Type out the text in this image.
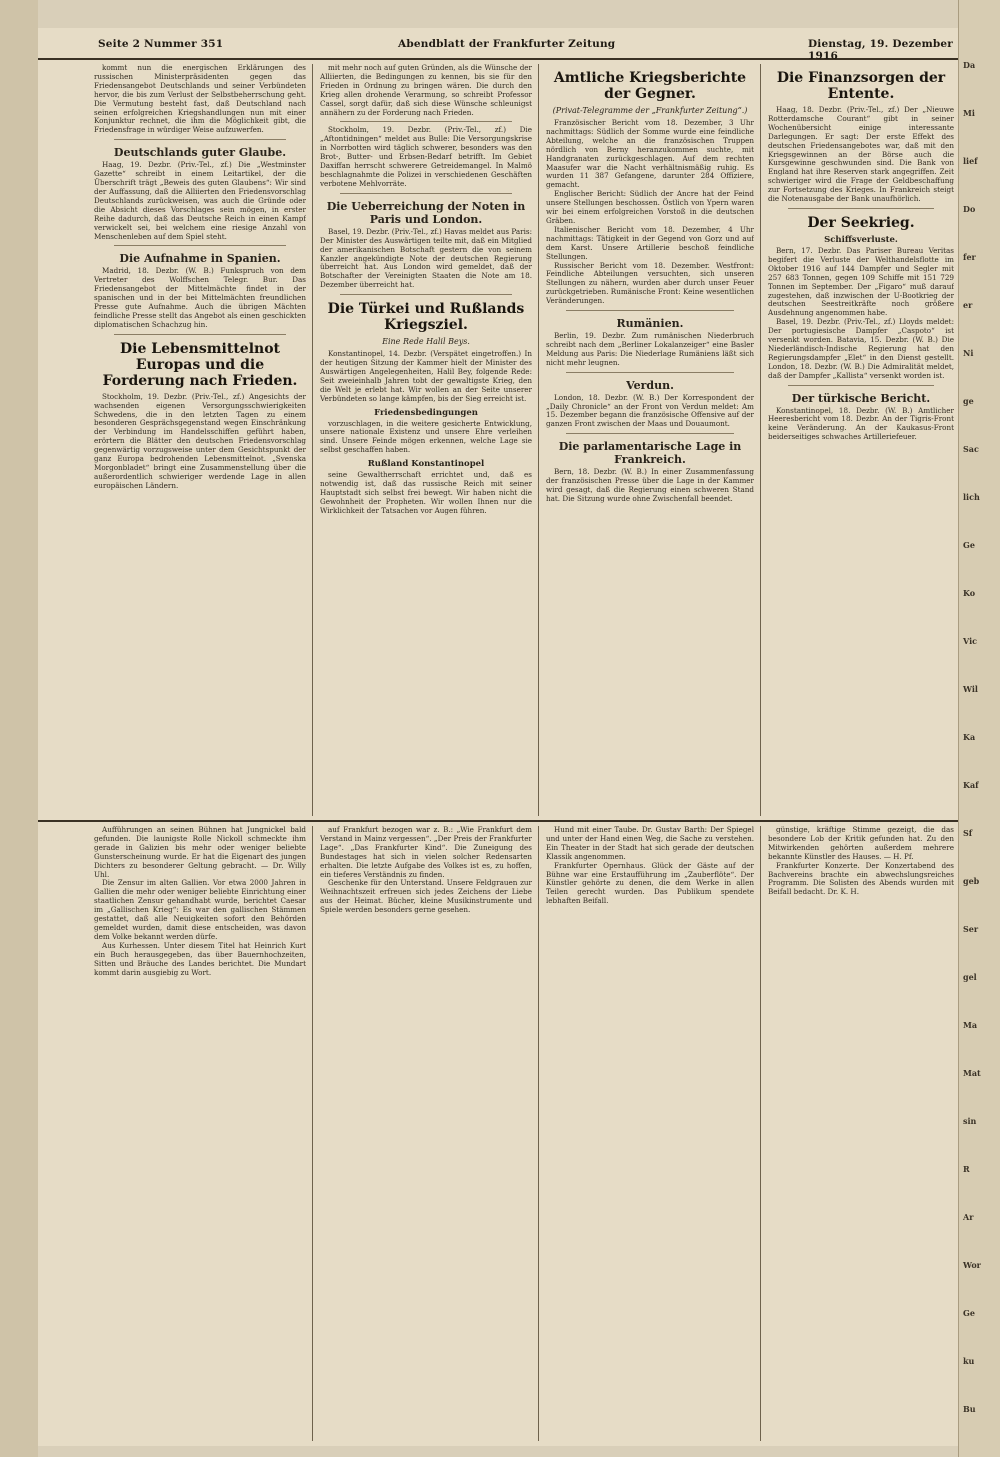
Seite 2 Nummer 351	Abendblatt der Frankfurter Zeitung	Dienstag, 19. Dezember 1916

kommt nun die energischen Erklärungen des russischen Ministerpräsidenten gegen das Friedensangebot Deutschlands und seiner Verbündeten hervor, die bis zum Verlust der Selbstbeherrschung geht. Die Vermutung besteht fast, daß Deutschland nach seinen erfolgreichen Kriegshandlungen nun mit einer Konjunktur rechnet, die ihm die Möglichkeit gibt, die Friedensfrage in würdiger Weise aufzuwerfen.

Deutschlands guter Glaube.

Haag, 19. Dezbr. (Priv.-Tel., zf.) Die „Westminster Gazette“ schreibt in einem Leitartikel, der die Überschrift trägt „Beweis des guten Glaubens“: Wir sind der Auffassung, daß die Alliierten den Friedensvorschlag Deutschlands zurückweisen, was auch die Gründe oder die Absicht dieses Vorschlages sein mögen, in erster Reihe dadurch, daß das Deutsche Reich in einen Kampf verwickelt sei, bei welchem eine riesige Anzahl von Menschenleben auf dem Spiel steht.

Die Aufnahme in Spanien.

Madrid, 18. Dezbr. (W. B.) Funkspruch von dem Vertreter des Wolffschen Telegr. Bur. Das Friedensangebot der Mittelmächte findet in der spanischen und in der bei Mittelmächten freundlichen Presse gute Aufnahme. Auch die übrigen Mächten feindliche Presse stellt das Angebot als einen geschickten diplomatischen Schachzug hin.

Die Lebensmittelnot Europas und die Forderung nach Frieden.

Stockholm, 19. Dezbr. (Priv.-Tel., zf.) Angesichts der wachsenden eigenen Versorgungsschwierigkeiten Schwedens, die in den letzten Tagen zu einem besonderen Gesprächsgegenstand wegen Einschränkung der Verbindung im Handelsschiffen geführt haben, erörtern die Blätter den deutschen Friedensvorschlag gegenwärtig vorzugsweise unter dem Gesichtspunkt der ganz Europa bedrohenden Lebensmittelnot. „Svenska Morgonbladet“ bringt eine Zusammenstellung über die außerordentlich schwieriger werdende Lage in allen europäischen Ländern.

mit mehr noch auf guten Gründen, als die Wünsche der Alliierten, die Bedingungen zu kennen, bis sie für den Frieden in Ordnung zu bringen wären. Die durch den Krieg allen drohende Verarmung, so schreibt Professor Cassel, sorgt dafür, daß sich diese Wünsche schleunigst annähern zu der Forderung nach Frieden.

Stockholm, 19. Dezbr. (Priv.-Tel., zf.) Die „Aftontidningen“ meldet aus Bulle: Die Versorgungskrise in Norrbotten wird täglich schwerer, besonders was den Brot-, Butter- und Erbsen-Bedarf betrifft. Im Gebiet Daxiffan herrscht schwerere Getreidemangel. In Malmö beschlagnahmte die Polizei in verschiedenen Geschäften verbotene Mehlvorräte.

Die Ueberreichung der Noten in Paris und London.

Basel, 19. Dezbr. (Priv.-Tel., zf.) Havas meldet aus Paris: Der Minister des Auswärtigen teilte mit, daß ein Mitglied der amerikanischen Botschaft gestern die von seinem Kanzler angekündigte Note der deutschen Regierung überreicht hat. Aus London wird gemeldet, daß der Botschafter der Vereinigten Staaten die Note am 18. Dezember überreicht hat.

Die Türkei und Rußlands Kriegsziel.
Eine Rede Halil Beys.

Konstantinopel, 14. Dezbr. (Verspätet eingetroffen.) In der heutigen Sitzung der Kammer hielt der Minister des Auswärtigen Angelegenheiten, Halil Bey, folgende Rede: Seit zweieinhalb Jahren tobt der gewaltigste Krieg, den die Welt je erlebt hat. Wir wollen an der Seite unserer Verbündeten so lange kämpfen, bis der Sieg erreicht ist.

Friedensbedingungen

vorzuschlagen, in die weitere gesicherte Entwicklung, unsere nationale Existenz und unsere Ehre verleihen sind. Unsere Feinde mögen erkennen, welche Lage sie selbst geschaffen haben.

Rußland Konstantinopel

seine Gewaltherrschaft errichtet und, daß es notwendig ist, daß das russische Reich mit seiner Hauptstadt sich selbst frei bewegt. Wir haben nicht die Gewohnheit der Propheten. Wir wollen Ihnen nur die Wirklichkeit der Tatsachen vor Augen führen.

Amtliche Kriegsberichte der Gegner.
(Privat-Telegramme der „Frankfurter Zeitung“.)

Französischer Bericht vom 18. Dezember, 3 Uhr nachmittags: Südlich der Somme wurde eine feindliche Abteilung, welche an die französischen Truppen nördlich von Berny heranzukommen suchte, mit Handgranaten zurückgeschlagen. Auf dem rechten Maasufer war die Nacht verhältnismäßig ruhig. Es wurden 11 387 Gefangene, darunter 284 Offiziere, gemacht.

Englischer Bericht: Südlich der Ancre hat der Feind unsere Stellungen beschossen. Östlich von Ypern waren wir bei einem erfolgreichen Vorstoß in die deutschen Gräben.

Italienischer Bericht vom 18. Dezember, 4 Uhr nachmittags: Tätigkeit in der Gegend von Gorz und auf dem Karst. Unsere Artillerie beschoß feindliche Stellungen.

Russischer Bericht vom 18. Dezember. Westfront: Feindliche Abteilungen versuchten, sich unseren Stellungen zu nähern, wurden aber durch unser Feuer zurückgetrieben. Rumänische Front: Keine wesentlichen Veränderungen.

Rumänien.

Berlin, 19. Dezbr. Zum rumänischen Niederbruch schreibt nach dem „Berliner Lokalanzeiger“ eine Basler Meldung aus Paris: Die Niederlage Rumäniens läßt sich nicht mehr leugnen.

Verdun.

London, 18. Dezbr. (W. B.) Der Korrespondent der „Daily Chronicle“ an der Front von Verdun meldet: Am 15. Dezember begann die französische Offensive auf der ganzen Front zwischen der Maas und Douaumont.

Die parlamentarische Lage in Frankreich.

Bern, 18. Dezbr. (W. B.) In einer Zusammenfassung der französischen Presse über die Lage in der Kammer wird gesagt, daß die Regierung einen schweren Stand hat. Die Sitzung wurde ohne Zwischenfall beendet.

Die Finanzsorgen der Entente.

Haag, 18. Dezbr. (Priv.-Tel., zf.) Der „Nieuwe Rotterdamsche Courant“ gibt in seiner Wochenübersicht einige interessante Darlegungen. Er sagt: Der erste Effekt des deutschen Friedensangebotes war, daß mit den Kriegsgewinnen an der Börse auch die Kursgewinne geschwunden sind. Die Bank von England hat ihre Reserven stark angegriffen. Zeit schwieriger wird die Frage der Geldbeschaffung zur Fortsetzung des Krieges. In Frankreich steigt die Notenausgabe der Bank unaufhörlich.

Der Seekrieg.
Schiffsverluste.

Bern, 17. Dezbr. Das Pariser Bureau Veritas begifert die Verluste der Welthandelsflotte im Oktober 1916 auf 144 Dampfer und Segler mit 257 683 Tonnen, gegen 109 Schiffe mit 151 729 Tonnen im September. Der „Figaro“ muß darauf zugestehen, daß inzwischen der U-Bootkrieg der deutschen Seestreitkräfte noch größere Ausdehnung angenommen habe.

Basel, 19. Dezbr. (Priv.-Tel., zf.) Lloyds meldet: Der portugiesische Dampfer „Caspoto“ ist versenkt worden. Batavia, 15. Dezbr. (W. B.) Die Niederländisch-Indische Regierung hat den Regierungsdampfer „Elet“ in den Dienst gestellt. London, 18. Dezbr. (W. B.) Die Admiralität meldet, daß der Dampfer „Kallista“ versenkt worden ist.

Der türkische Bericht.

Konstantinopel, 18. Dezbr. (W. B.) Amtlicher Heeresbericht vom 18. Dezbr. An der Tigris-Front keine Veränderung. An der Kaukasus-Front beiderseitiges schwaches Artilleriefeuer.

Aufführungen an seinen Bühnen hat Jungnickel bald gefunden. Die launigste Rolle Nickoll schmeckte ihm gerade in Galizien bis mehr oder weniger beliebte Gunsterscheinung wurde. Er hat die Eigenart des jungen Dichters zu besonderer Geltung gebracht. — Dr. Willy Uhl.

Die Zensur im alten Gallien. Vor etwa 2000 Jahren in Gallien die mehr oder weniger beliebte Einrichtung einer staatlichen Zensur gehandhabt wurde, berichtet Caesar im „Gallischen Krieg“: Es war den gallischen Stämmen gestattet, daß alle Neuigkeiten sofort den Behörden gemeldet wurden, damit diese entscheiden, was davon dem Volke bekannt werden dürfe.

Aus Kurhessen. Unter diesem Titel hat Heinrich Kurt ein Buch herausgegeben, das über Bauernhochzeiten, Sitten und Bräuche des Landes berichtet. Die Mundart kommt darin ausgiebig zu Wort.

auf Frankfurt bezogen war z. B.: „Wie Frankfurt dem Verstand in Mainz vergessen“. „Der Preis der Frankfurter Lage“. „Das Frankfurter Kind“. Die Zuneigung des Bundestages hat sich in vielen solcher Redensarten erhalten. Die letzte Aufgabe des Volkes ist es, zu hoffen, ein tieferes Verständnis zu finden.

Geschenke für den Unterstand. Unsere Feldgrauen zur Weihnachtszeit erfreuen sich jedes Zeichens der Liebe aus der Heimat. Bücher, kleine Musikinstrumente und Spiele werden besonders gerne gesehen.

Hund mit einer Taube. Dr. Gustav Barth: Der Spiegel und unter der Hand einen Weg, die Sache zu verstehen. Ein Theater in der Stadt hat sich gerade der deutschen Klassik angenommen.

Frankfurter Opernhaus. Glück der Gäste auf der Bühne war eine Erstaufführung im „Zauberflöte“. Der Künstler gehörte zu denen, die dem Werke in allen Teilen gerecht wurden. Das Publikum spendete lebhaften Beifall.

günstige, kräftige Stimme gezeigt, die das besondere Lob der Kritik gefunden hat. Zu den Mitwirkenden gehörten außerdem mehrere bekannte Künstler des Hauses. — H. Pf.

Frankfurter Konzerte. Der Konzertabend des Bachvereins brachte ein abwechslungsreiches Programm. Die Solisten des Abends wurden mit Beifall bedacht. Dr. K. H.

Da
Mi
lief
Do
fer
er
Ni
ge
Sac
lich
Ge
Ko
Vic
Wil
Ka
Kaf
Sf
geb
Ser
gel
Ma
Mat
sin
R
Ar
Wor
Ge
ku
Bu
